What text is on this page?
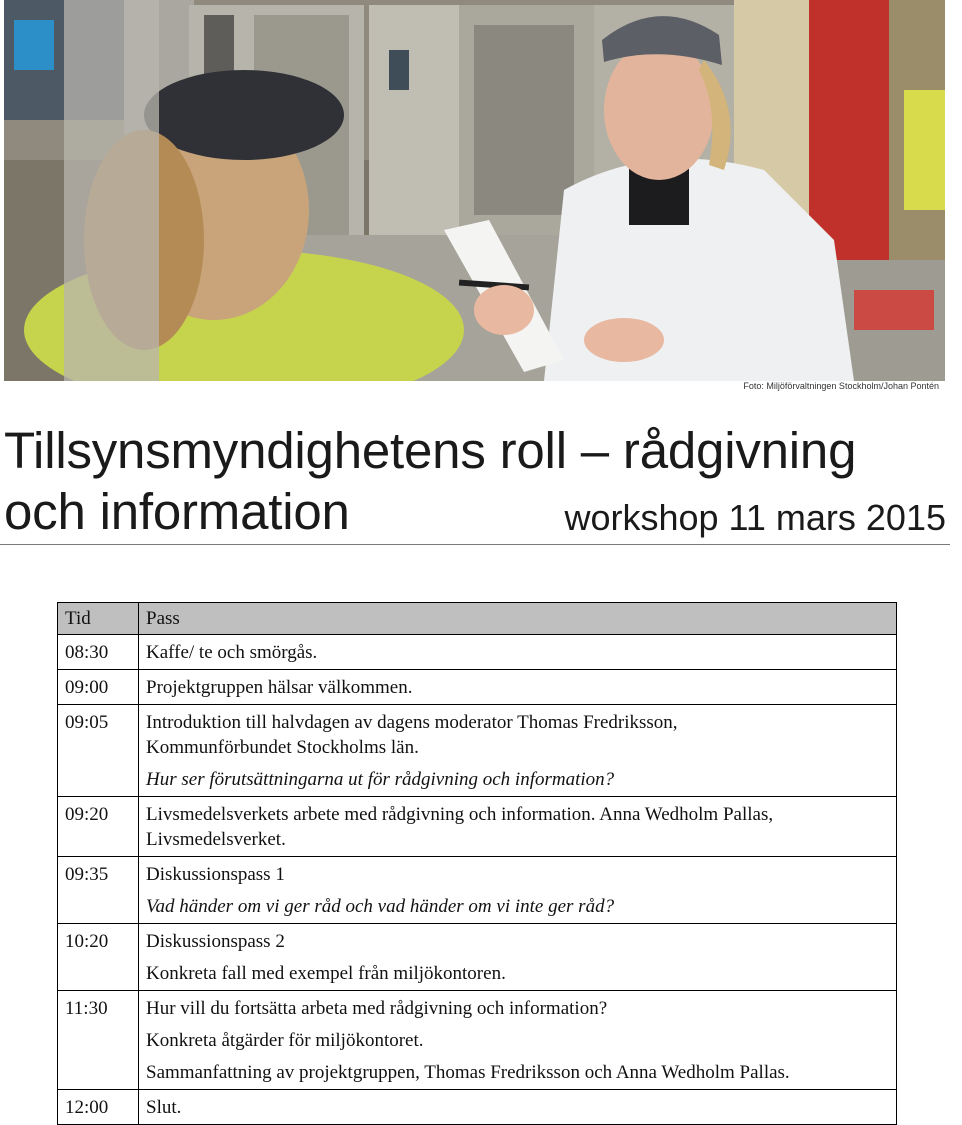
Foto: Miljöförvaltningen Stockholm/Johan Pontén
Tillsynsmyndighetens roll – rådgivning
och information	workshop 11 mars 2015
Tid	Pass
08:30	Kaffe/ te och smörgås.

09:00	Projektgruppen hälsar välkommen.

09:05	Introduktion till halvdagen av dagens moderator Thomas Fredriksson,
Kommunförbundet Stockholms län.
Hur ser förutsättningarna ut för rådgivning och information?

09:20	Livsmedelsverkets arbete med rådgivning och information. Anna Wedholm Pallas,
Livsmedelsverket.

09:35	Diskussionspass 1
Vad händer om vi ger råd och vad händer om vi inte ger råd?

10:20	Diskussionspass 2
Konkreta fall med exempel från miljökontoren.

11:30	Hur vill du fortsätta arbeta med rådgivning och information?
Konkreta åtgärder för miljökontoret.
Sammanfattning av projektgruppen, Thomas Fredriksson och Anna Wedholm Pallas.

12:00	Slut.
